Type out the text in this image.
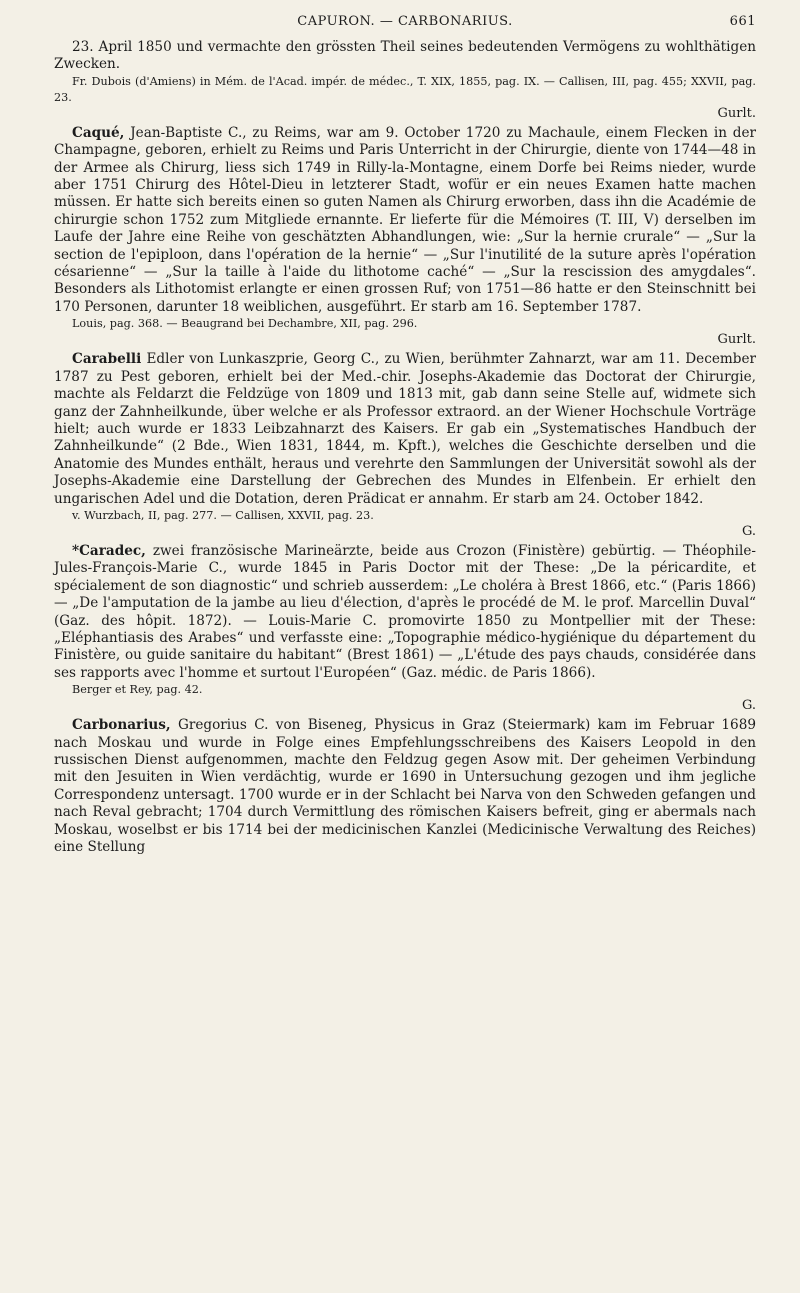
CAPURON. — CARBONARIUS.	661

23. April 1850 und vermachte den grössten Theil seines bedeutenden Vermögens zu wohlthätigen Zwecken.

Fr. Dubois (d'Amiens) in Mém. de l'Acad. impér. de médec., T. XIX, 1855, pag. IX. — Callisen, III, pag. 455; XXVII, pag. 23.

Gurlt.

Caqué, Jean-Baptiste C., zu Reims, war am 9. October 1720 zu Machaule, einem Flecken in der Champagne, geboren, erhielt zu Reims und Paris Unterricht in der Chirurgie, diente von 1744—48 in der Armee als Chirurg, liess sich 1749 in Rilly-la-Montagne, einem Dorfe bei Reims nieder, wurde aber 1751 Chirurg des Hôtel-Dieu in letzterer Stadt, wofür er ein neues Examen hatte machen müssen. Er hatte sich bereits einen so guten Namen als Chirurg erworben, dass ihn die Académie de chirurgie schon 1752 zum Mitgliede ernannte. Er lieferte für die Mémoires (T. III, V) derselben im Laufe der Jahre eine Reihe von geschätzten Abhandlungen, wie: „Sur la hernie crurale“ — „Sur la section de l'epiploon, dans l'opération de la hernie“ — „Sur l'inutilité de la suture après l'opération césarienne“ — „Sur la taille à l'aide du lithotome caché“ — „Sur la rescission des amygdales“. Besonders als Lithotomist erlangte er einen grossen Ruf; von 1751—86 hatte er den Steinschnitt bei 170 Personen, darunter 18 weiblichen, ausgeführt. Er starb am 16. September 1787.

Louis, pag. 368. — Beaugrand bei Dechambre, XII, pag. 296.

Gurlt.

Carabelli Edler von Lunkaszprie, Georg C., zu Wien, berühmter Zahnarzt, war am 11. December 1787 zu Pest geboren, erhielt bei der Med.-chir. Josephs-Akademie das Doctorat der Chirurgie, machte als Feldarzt die Feldzüge von 1809 und 1813 mit, gab dann seine Stelle auf, widmete sich ganz der Zahnheilkunde, über welche er als Professor extraord. an der Wiener Hochschule Vorträge hielt; auch wurde er 1833 Leibzahnarzt des Kaisers. Er gab ein „Systematisches Handbuch der Zahnheilkunde“ (2 Bde., Wien 1831, 1844, m. Kpft.), welches die Geschichte derselben und die Anatomie des Mundes enthält, heraus und verehrte den Sammlungen der Universität sowohl als der Josephs-Akademie eine Darstellung der Gebrechen des Mundes in Elfenbein. Er erhielt den ungarischen Adel und die Dotation, deren Prädicat er annahm. Er starb am 24. October 1842.

v. Wurzbach, II, pag. 277. — Callisen, XXVII, pag. 23.

G.

*Caradec, zwei französische Marineärzte, beide aus Crozon (Finistère) gebürtig. — Théophile-Jules-François-Marie C., wurde 1845 in Paris Doctor mit der These: „De la péricardite, et spécialement de son diagnostic“ und schrieb ausserdem: „Le choléra à Brest 1866, etc.“ (Paris 1866) — „De l'amputation de la jambe au lieu d'élection, d'après le procédé de M. le prof. Marcellin Duval“ (Gaz. des hôpit. 1872). — Louis-Marie C. promovirte 1850 zu Montpellier mit der These: „Eléphantiasis des Arabes“ und verfasste eine: „Topographie médico-hygiénique du département du Finistère, ou guide sanitaire du habitant“ (Brest 1861) — „L'étude des pays chauds, considérée dans ses rapports avec l'homme et surtout l'Européen“ (Gaz. médic. de Paris 1866).

Berger et Rey, pag. 42.

G.

Carbonarius, Gregorius C. von Biseneg, Physicus in Graz (Steiermark) kam im Februar 1689 nach Moskau und wurde in Folge eines Empfehlungsschreibens des Kaisers Leopold in den russischen Dienst aufgenommen, machte den Feldzug gegen Asow mit. Der geheimen Verbindung mit den Jesuiten in Wien verdächtig, wurde er 1690 in Untersuchung gezogen und ihm jegliche Correspondenz untersagt. 1700 wurde er in der Schlacht bei Narva von den Schweden gefangen und nach Reval gebracht; 1704 durch Vermittlung des römischen Kaisers befreit, ging er abermals nach Moskau, woselbst er bis 1714 bei der medicinischen Kanzlei (Medicinische Verwaltung des Reiches) eine Stellung
